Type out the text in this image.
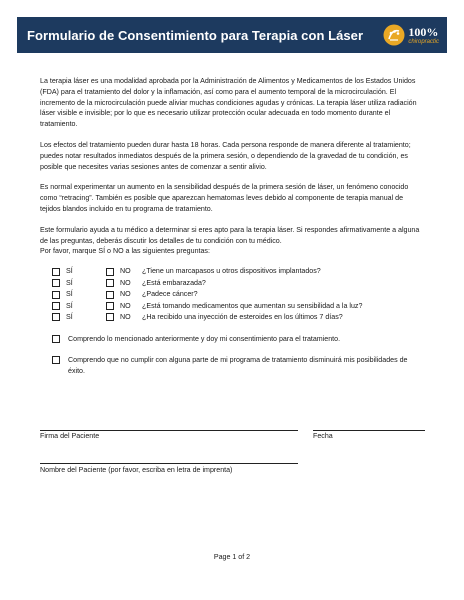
Formulario de Consentimiento para Terapia con Láser	100%
chiropractic

La terapia láser es una modalidad aprobada por la Administración de Alimentos y Medicamentos de los Estados Unidos (FDA) para el tratamiento del dolor y la inflamación, así como para el aumento temporal de la microcirculación. El incremento de la microcirculación puede aliviar muchas condiciones agudas y crónicas. La terapia láser utiliza radiación láser visible e invisible; por lo que es necesario utilizar protección ocular adecuada en todo momento durante el tratamiento.

Los efectos del tratamiento pueden durar hasta 18 horas. Cada persona responde de manera diferente al tratamiento; puedes notar resultados inmediatos después de la primera sesión, o dependiendo de la gravedad de tu condición, es posible que necesites varias sesiones antes de comenzar a sentir alivio.

Es normal experimentar un aumento en la sensibilidad después de la primera sesión de láser, un fenómeno conocido como “retracing”. También es posible que aparezcan hematomas leves debido al componente de terapia manual de tejidos blandos incluido en tu programa de tratamiento.

Este formulario ayuda a tu médico a determinar si eres apto para la terapia láser. Si respondes afirmativamente a alguna de las preguntas, deberás discutir los detalles de tu condición con tu médico.

Por favor, marque SÍ o NO a las siguientes preguntas:

SÍ	NO	¿Tiene un marcapasos u otros dispositivos implantados?
SÍ	NO	¿Está embarazada?
SÍ	NO	¿Padece cáncer?
SÍ	NO	¿Está tomando medicamentos que aumentan su sensibilidad a la luz?
SÍ	NO	¿Ha recibido una inyección de esteroides en los últimos 7 días?
Comprendo lo mencionado anteriormente y doy mi consentimiento para el tratamiento.
Comprendo que no cumplir con alguna parte de mi programa de tratamiento disminuirá mis posibilidades de éxito.
Firma del Paciente	Fecha
Nombre del Paciente (por favor, escriba en letra de imprenta)
Page 1 of 2
